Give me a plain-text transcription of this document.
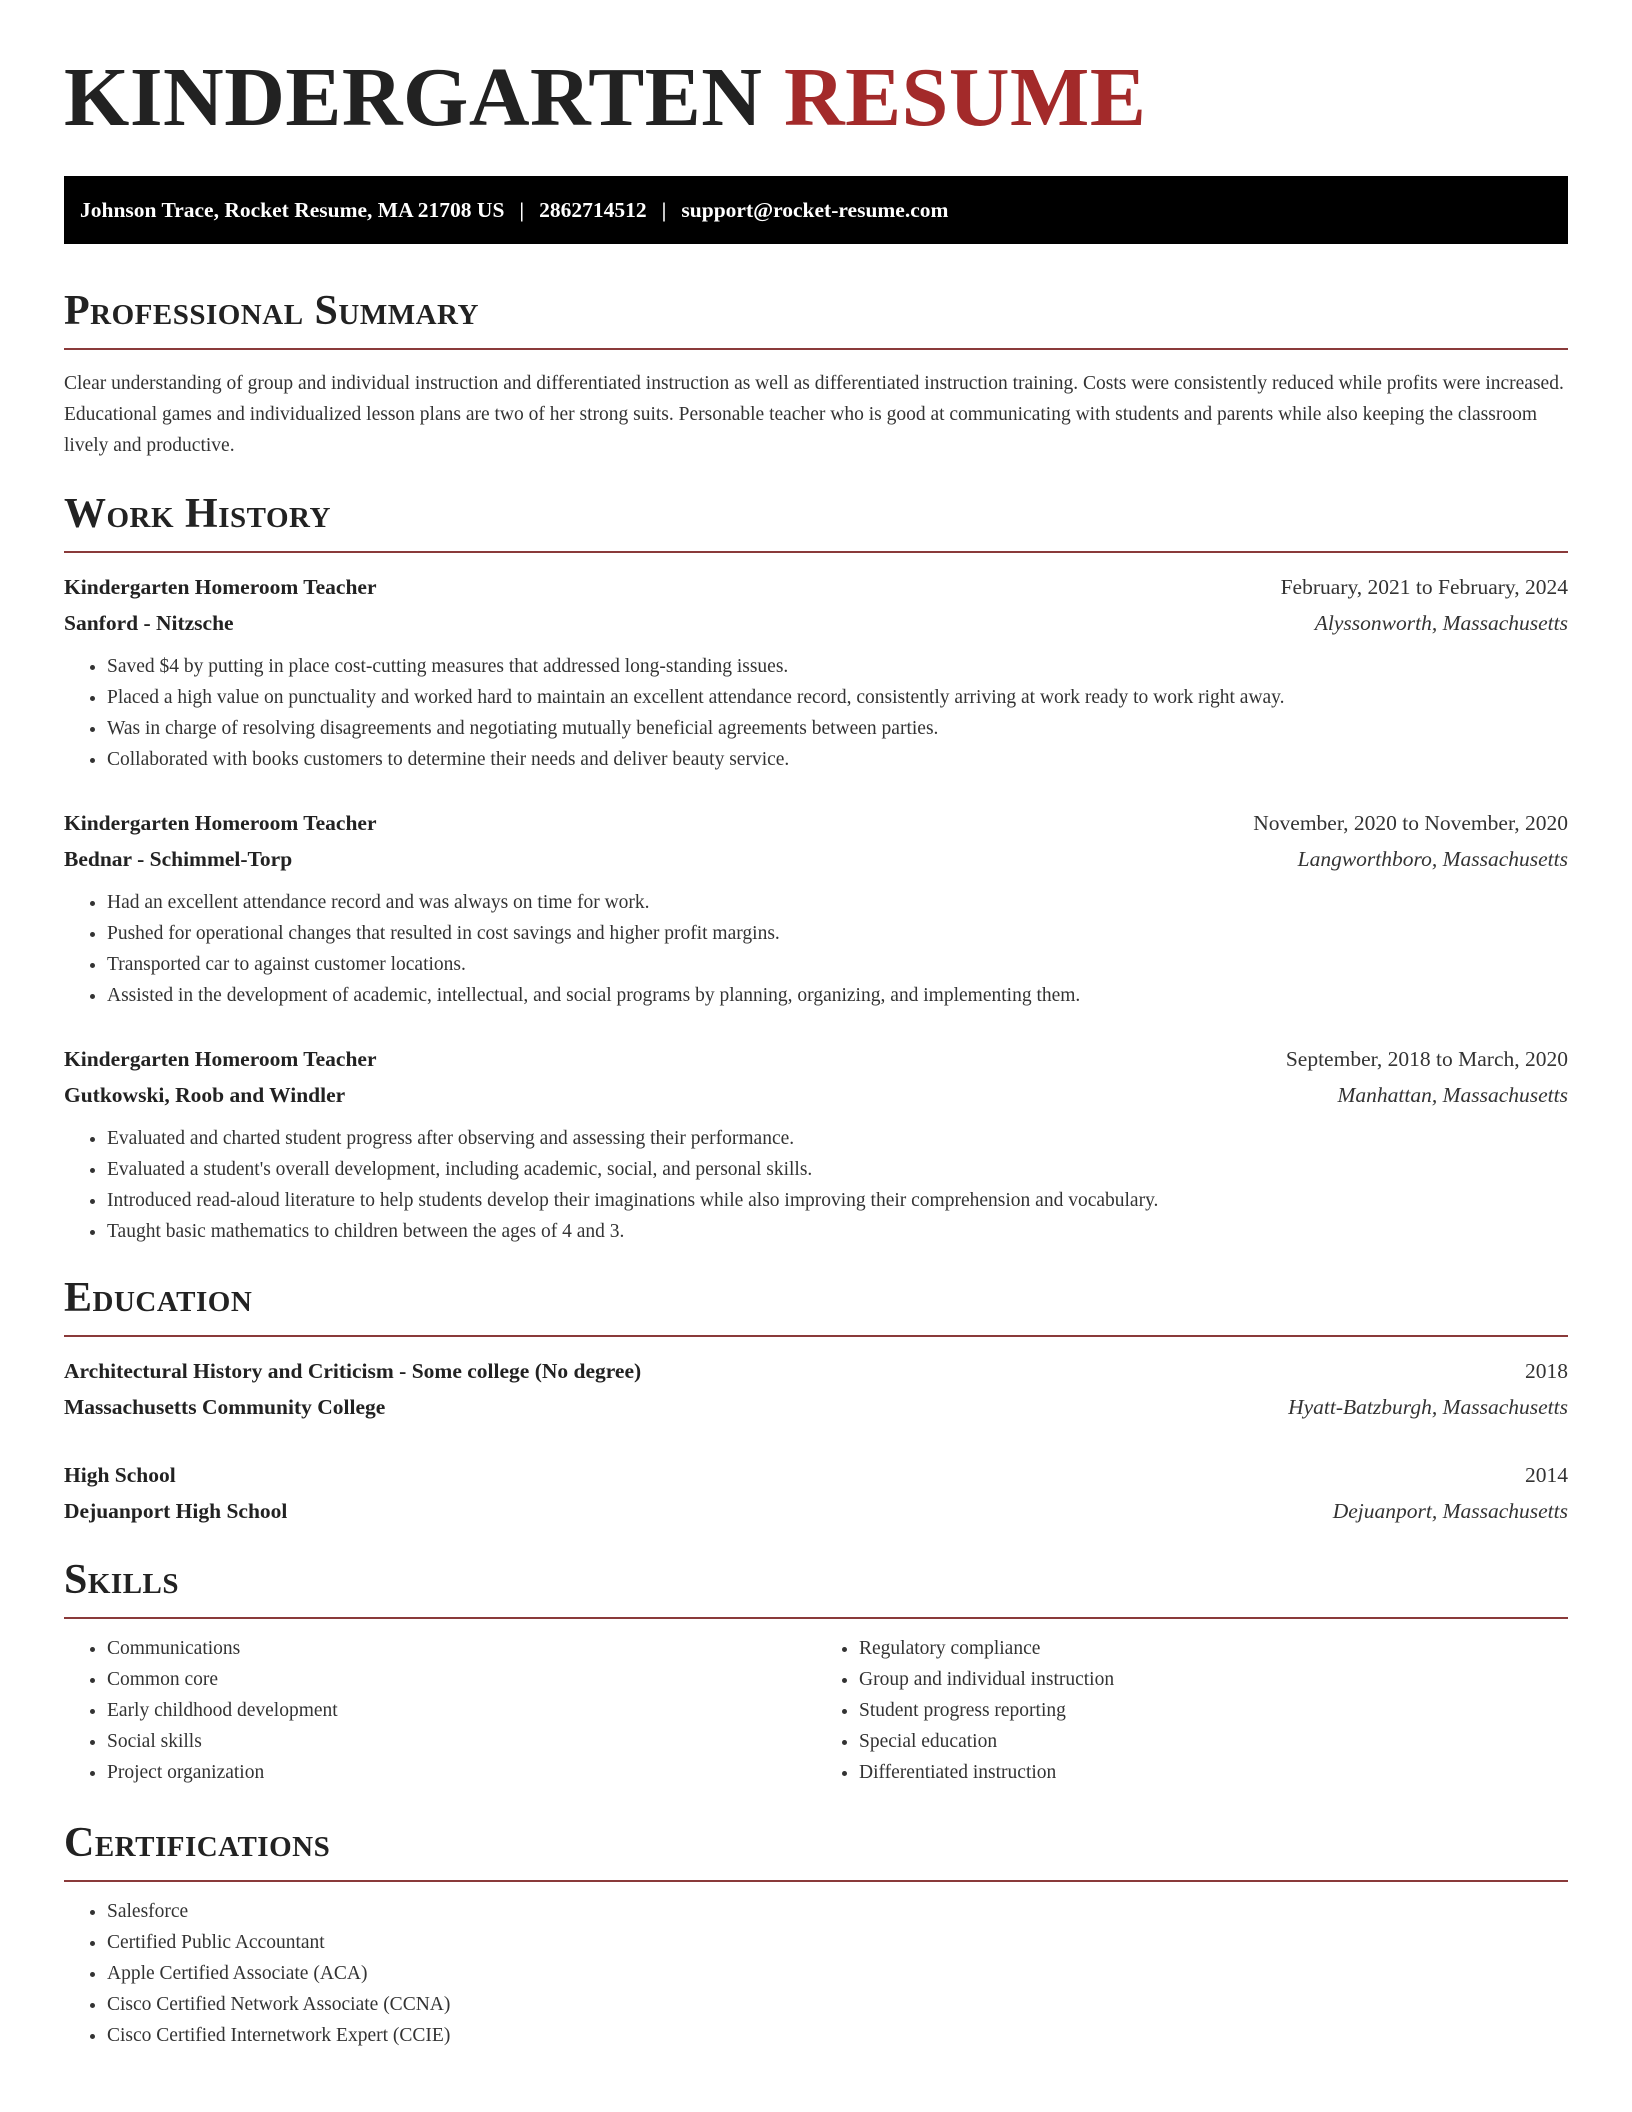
KINDERGARTEN RESUME
Johnson Trace, Rocket Resume, MA 21708 US | 2862714512 | support@rocket-resume.com
Professional Summary

Clear understanding of group and individual instruction and differentiated instruction as well as differentiated instruction training. Costs were consistently reduced while profits were increased. Educational games and individualized lesson plans are two of her strong suits. Personable teacher who is good at communicating with students and parents while also keeping the classroom lively and productive.

Work History
Kindergarten Homeroom Teacher	February, 2021 to February, 2024
Sanford - Nitzsche	Alyssonworth, Massachusetts
• Saved $4 by putting in place cost-cutting measures that addressed long-standing issues.
• Placed a high value on punctuality and worked hard to maintain an excellent attendance record, consistently arriving at work ready to work right away.
• Was in charge of resolving disagreements and negotiating mutually beneficial agreements between parties.
• Collaborated with books customers to determine their needs and deliver beauty service.
Kindergarten Homeroom Teacher	November, 2020 to November, 2020
Bednar - Schimmel-Torp	Langworthboro, Massachusetts
• Had an excellent attendance record and was always on time for work.
• Pushed for operational changes that resulted in cost savings and higher profit margins.
• Transported car to against customer locations.
• Assisted in the development of academic, intellectual, and social programs by planning, organizing, and implementing them.
Kindergarten Homeroom Teacher	September, 2018 to March, 2020
Gutkowski, Roob and Windler	Manhattan, Massachusetts
• Evaluated and charted student progress after observing and assessing their performance.
• Evaluated a student's overall development, including academic, social, and personal skills.
• Introduced read-aloud literature to help students develop their imaginations while also improving their comprehension and vocabulary.
• Taught basic mathematics to children between the ages of 4 and 3.
Education
Architectural History and Criticism - Some college (No degree)	2018
Massachusetts Community College	Hyatt-Batzburgh, Massachusetts
High School	2014
Dejuanport High School	Dejuanport, Massachusetts
Skills
• Communications
• Common core
• Early childhood development
• Social skills
• Project organization
• Regulatory compliance
• Group and individual instruction
• Student progress reporting
• Special education
• Differentiated instruction
Certifications
• Salesforce
• Certified Public Accountant
• Apple Certified Associate (ACA)
• Cisco Certified Network Associate (CCNA)
• Cisco Certified Internetwork Expert (CCIE)
